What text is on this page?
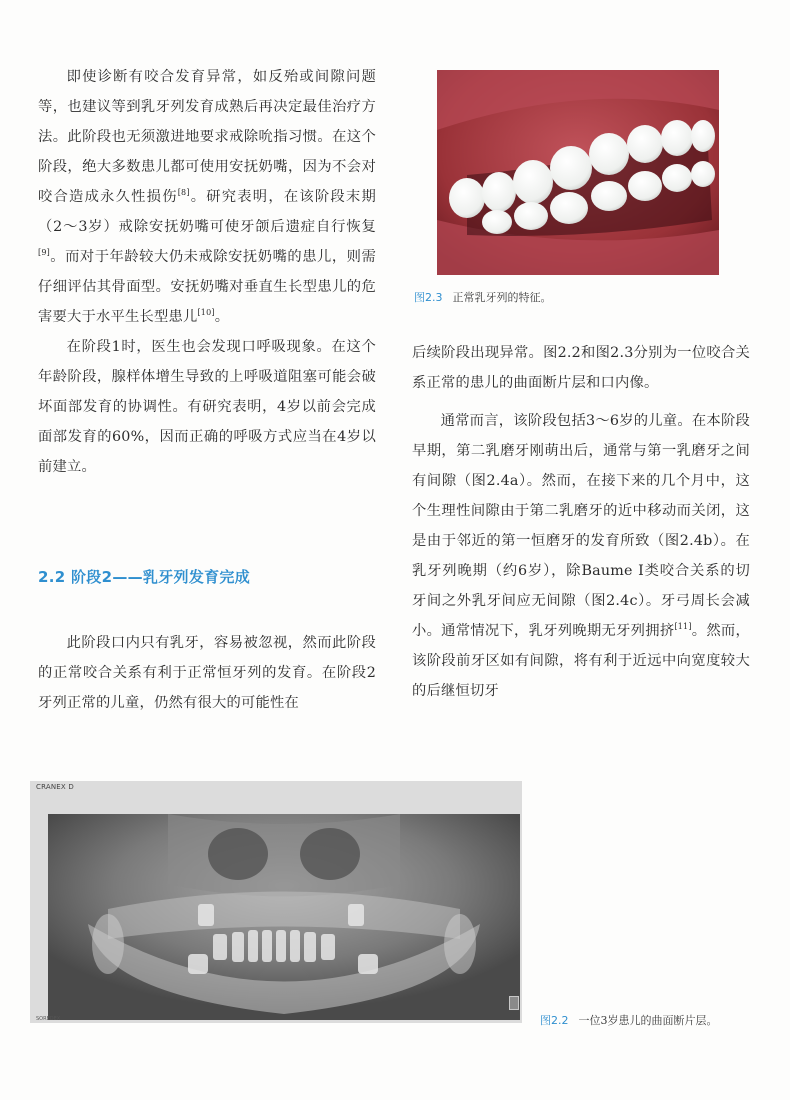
即使诊断有咬合发育异常，如反殆或间隙问题等，也建议等到乳牙列发育成熟后再决定最佳治疗方法。此阶段也无须激进地要求戒除吮指习惯。在这个阶段，绝大多数患儿都可使用安抚奶嘴，因为不会对咬合造成永久性损伤[8]。研究表明，在该阶段末期（2～3岁）戒除安抚奶嘴可使牙颌后遗症自行恢复[9]。而对于年龄较大仍未戒除安抚奶嘴的患儿，则需仔细评估其骨面型。安抚奶嘴对垂直生长型患儿的危害要大于水平生长型患儿[10]。

在阶段1时，医生也会发现口呼吸现象。在这个年龄阶段，腺样体增生导致的上呼吸道阻塞可能会破坏面部发育的协调性。有研究表明，4岁以前会完成面部发育的60%，因而正确的呼吸方式应当在4岁以前建立。

2.2 阶段2——乳牙列发育完成

此阶段口内只有乳牙，容易被忽视，然而此阶段的正常咬合关系有利于正常恒牙列的发育。在阶段2牙列正常的儿童，仍然有很大的可能性在

图2.3 正常乳牙列的特征。

后续阶段出现异常。图2.2和图2.3分别为一位咬合关系正常的患儿的曲面断片层和口内像。

通常而言，该阶段包括3～6岁的儿童。在本阶段早期，第二乳磨牙刚萌出后，通常与第一乳磨牙之间有间隙（图2.4a）。然而，在接下来的几个月中，这个生理性间隙由于第二乳磨牙的近中移动而关闭，这是由于邻近的第一恒磨牙的发育所致（图2.4b）。在乳牙列晚期（约6岁），除Baume Ⅰ类咬合关系的切牙间之外乳牙间应无间隙（图2.4c）。牙弓周长会减小。通常情况下，乳牙列晚期无牙列拥挤[11]。然而，该阶段前牙区如有间隙，将有利于近远中向宽度较大的后继恒切牙

CRANEX D
SOREDEX	图2.2 一位3岁患儿的曲面断片层。
